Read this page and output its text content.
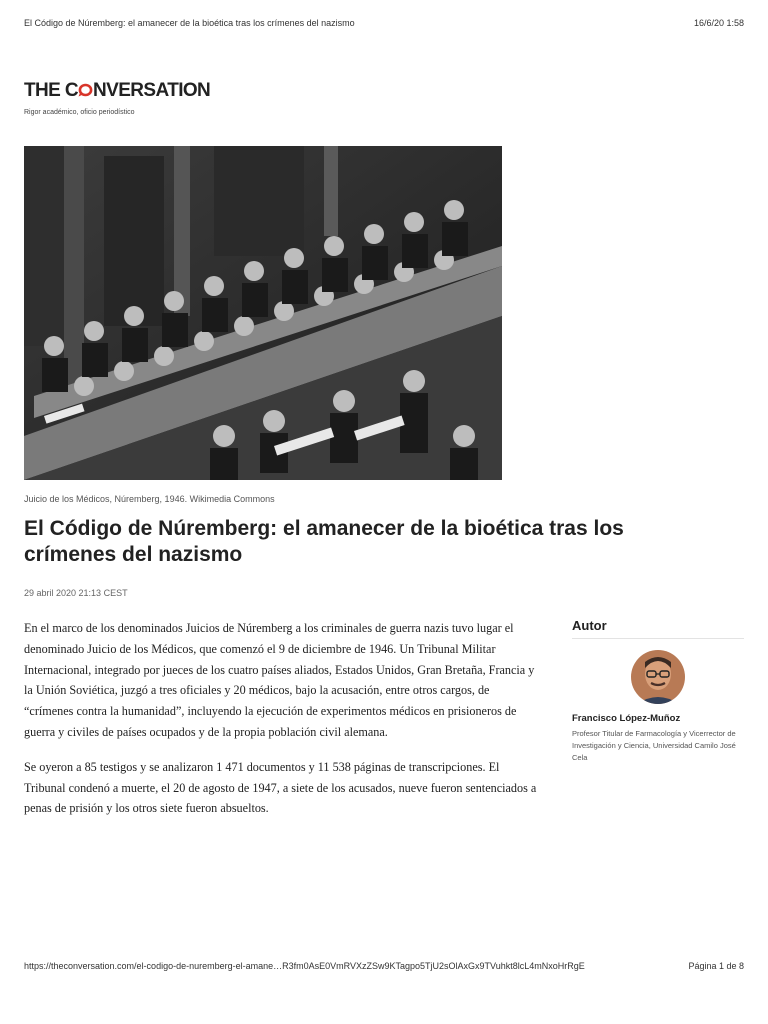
El Código de Núremberg: el amanecer de la bioética tras los crímenes del nazismo	16/6/20 1:58
THE C NVERSATION
Rigor académico, oficio periodístico
Juicio de los Médicos, Núremberg, 1946. Wikimedia Commons
El Código de Núremberg: el amanecer de la bioética tras los crímenes del nazismo
29 abril 2020 21:13 CEST

En el marco de los denominados Juicios de Núremberg a los criminales de guerra nazis tuvo lugar el denominado Juicio de los Médicos, que comenzó el 9 de diciembre de 1946. Un Tribunal Militar Internacional, integrado por jueces de los cuatro países aliados, Estados Unidos, Gran Bretaña, Francia y la Unión Soviética, juzgó a tres oficiales y 20 médicos, bajo la acusación, entre otros cargos, de “crímenes contra la humanidad”, incluyendo la ejecución de experimentos médicos en prisioneros de guerra y civiles de países ocupados y de la propia población civil alemana.

Se oyeron a 85 testigos y se analizaron 1 471 documentos y 11 538 páginas de transcripciones. El Tribunal condenó a muerte, el 20 de agosto de 1947, a siete de los acusados, nueve fueron sentenciados a penas de prisión y los otros siete fueron absueltos.

Autor
Francisco López-Muñoz
Profesor Titular de Farmacología y Vicerrector de Investigación y Ciencia, Universidad Camilo José Cela
https://theconversation.com/el-codigo-de-nuremberg-el-amane…R3fm0AsE0VmRVXzZSw9KTagpo5TjU2sOlAxGx9TVuhkt8lcL4mNxoHrRgE	Página 1 de 8
